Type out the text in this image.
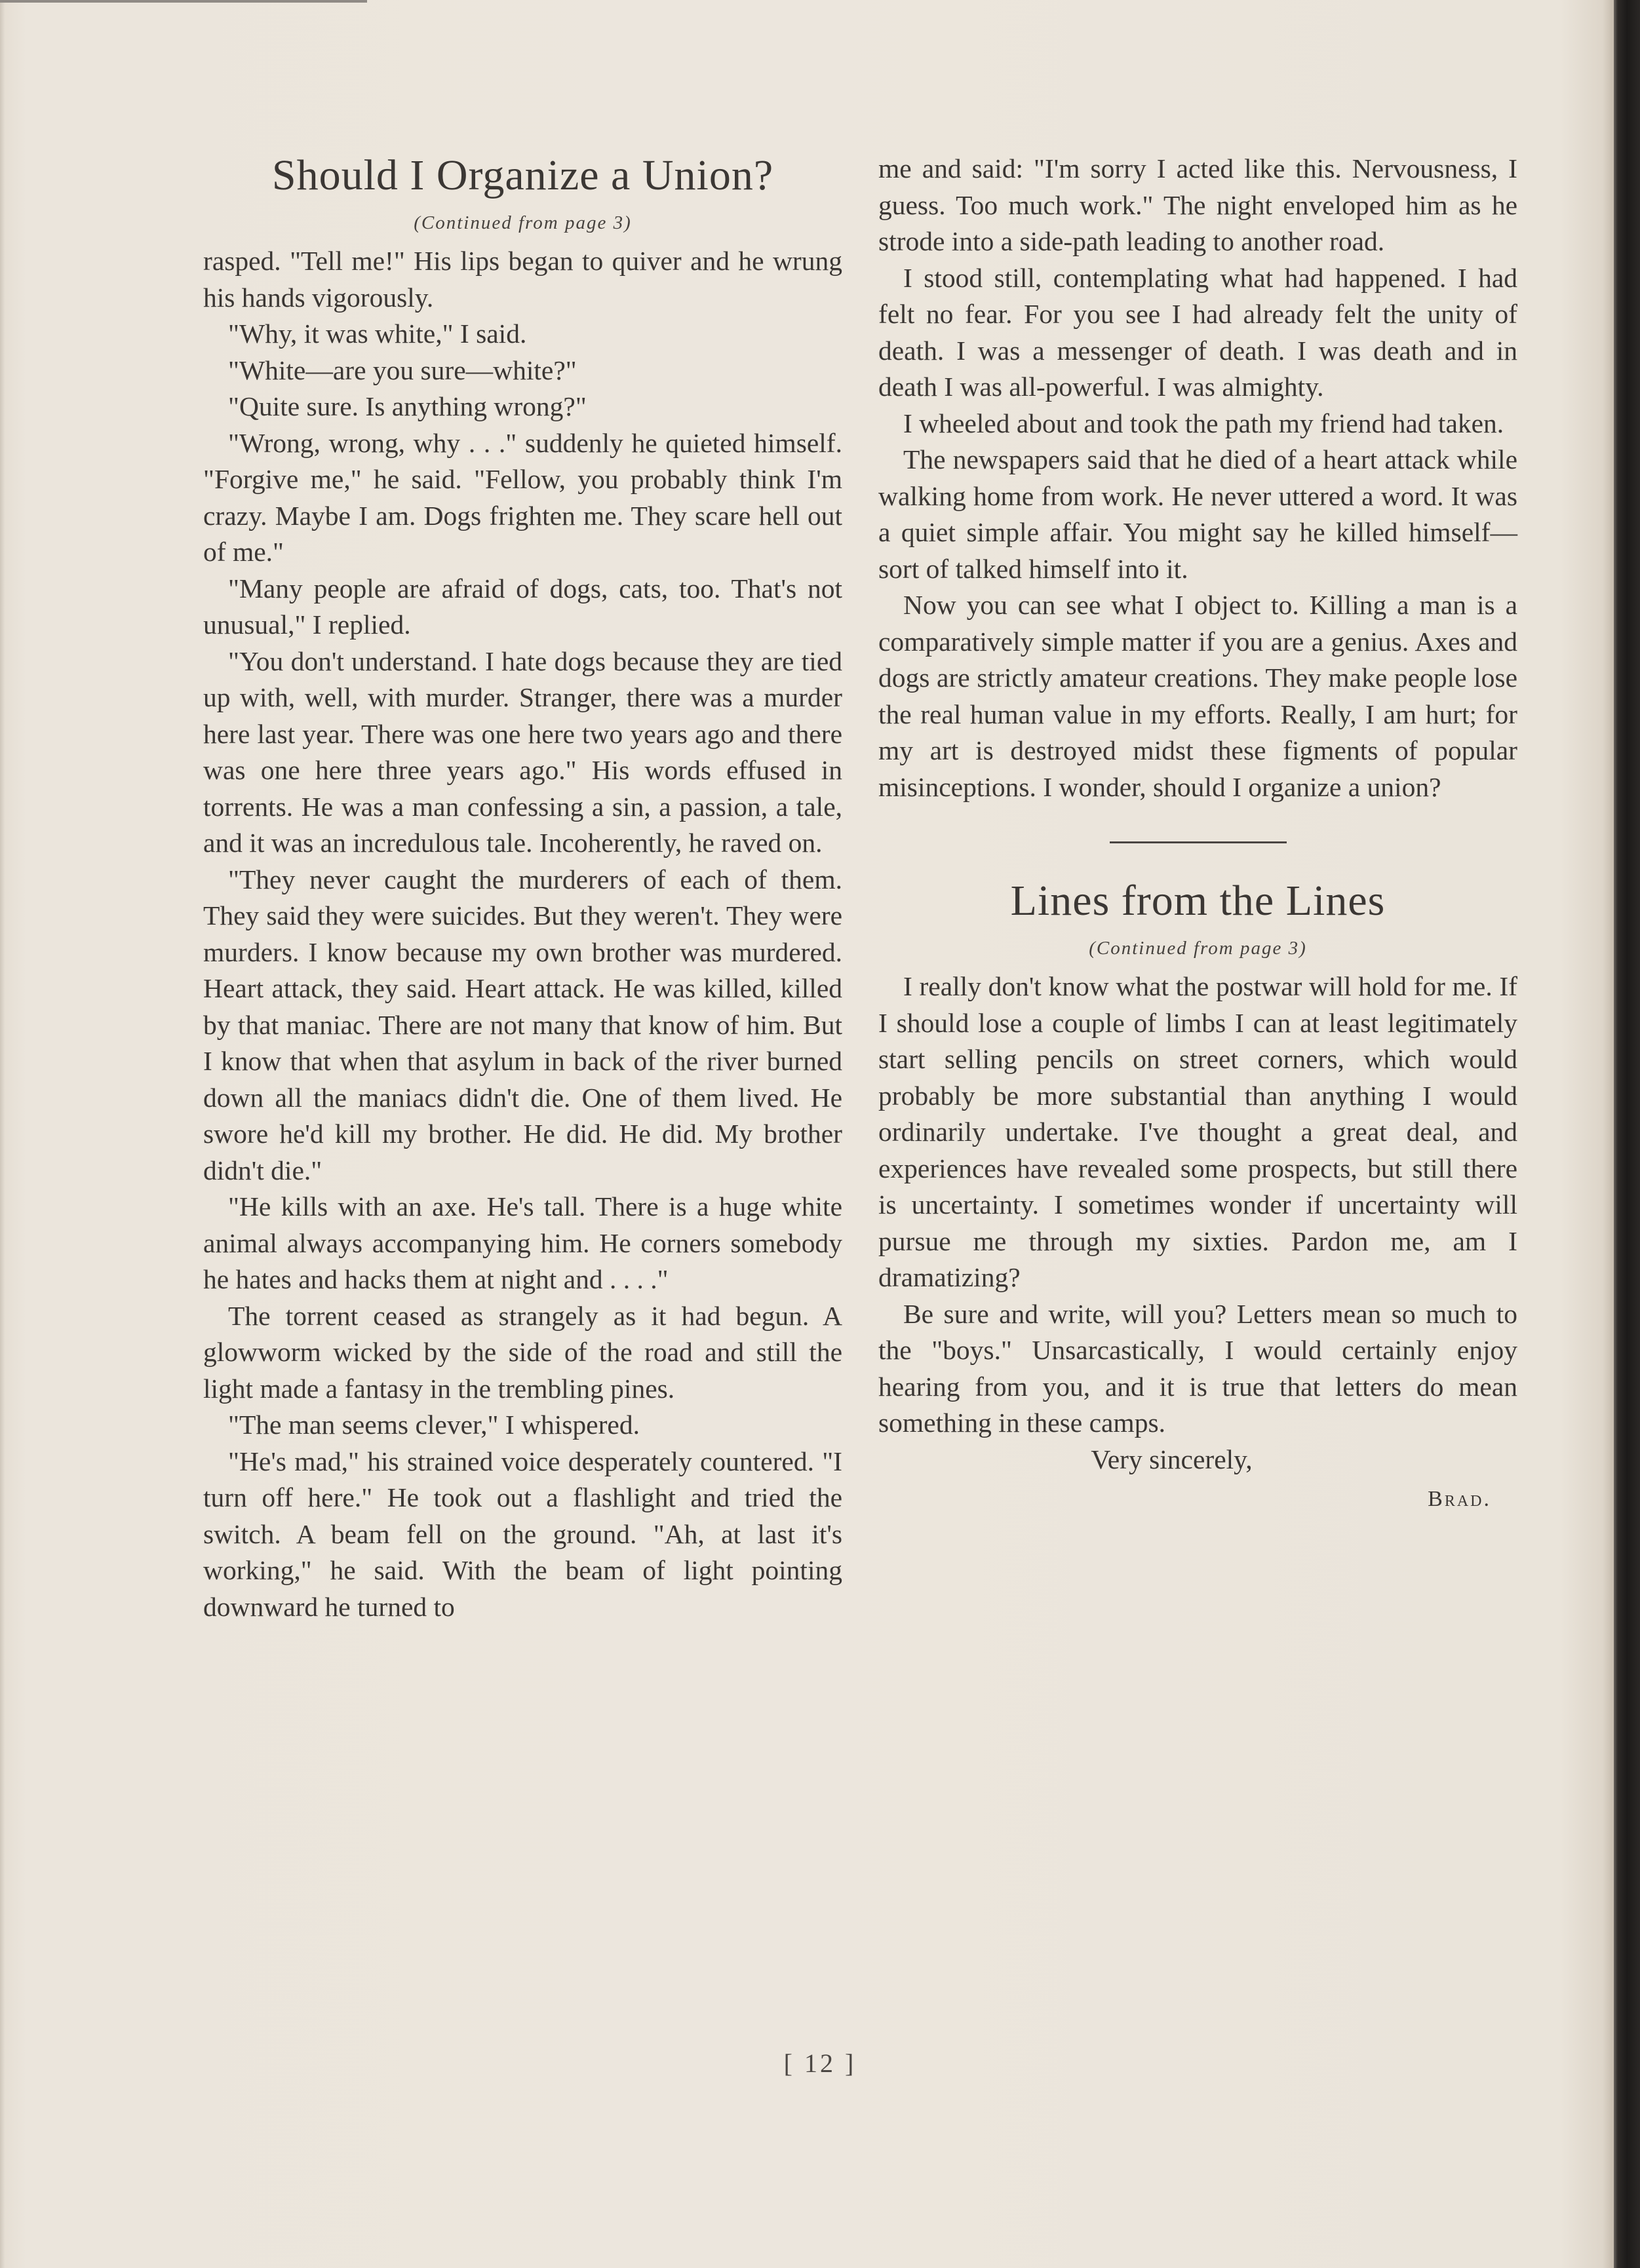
Should I Organize a Union?
(Continued from page 3)

rasped. "Tell me!" His lips began to quiver and he wrung his hands vigorously.

"Why, it was white," I said.

"White—are you sure—white?"

"Quite sure. Is anything wrong?"

"Wrong, wrong, why . . ." suddenly he quieted himself. "Forgive me," he said. "Fellow, you probably think I'm crazy. Maybe I am. Dogs frighten me. They scare hell out of me."

"Many people are afraid of dogs, cats, too. That's not unusual," I replied.

"You don't understand. I hate dogs because they are tied up with, well, with murder. Stranger, there was a murder here last year. There was one here two years ago and there was one here three years ago." His words effused in torrents. He was a man confessing a sin, a passion, a tale, and it was an incredulous tale. Incoherently, he raved on.

"They never caught the murderers of each of them. They said they were suicides. But they weren't. They were murders. I know because my own brother was murdered. Heart attack, they said. Heart attack. He was killed, killed by that maniac. There are not many that know of him. But I know that when that asylum in back of the river burned down all the maniacs didn't die. One of them lived. He swore he'd kill my brother. He did. He did. My brother didn't die."

"He kills with an axe. He's tall. There is a huge white animal always accompanying him. He corners somebody he hates and hacks them at night and . . . ."

The torrent ceased as strangely as it had begun. A glowworm wicked by the side of the road and still the light made a fantasy in the trembling pines.

"The man seems clever," I whispered.

"He's mad," his strained voice desperately countered. "I turn off here." He took out a flashlight and tried the switch. A beam fell on the ground. "Ah, at last it's working," he said. With the beam of light pointing downward he turned to

me and said: "I'm sorry I acted like this. Nervousness, I guess. Too much work." The night enveloped him as he strode into a side-path leading to another road.

I stood still, contemplating what had happened. I had felt no fear. For you see I had already felt the unity of death. I was a messenger of death. I was death and in death I was all-powerful. I was almighty.

I wheeled about and took the path my friend had taken.

The newspapers said that he died of a heart attack while walking home from work. He never uttered a word. It was a quiet simple affair. You might say he killed himself—sort of talked himself into it.

Now you can see what I object to. Killing a man is a comparatively simple matter if you are a genius. Axes and dogs are strictly amateur creations. They make people lose the real human value in my efforts. Really, I am hurt; for my art is destroyed midst these figments of popular misinceptions. I wonder, should I organize a union?

Lines from the Lines
(Continued from page 3)

I really don't know what the postwar will hold for me. If I should lose a couple of limbs I can at least legitimately start selling pencils on street corners, which would probably be more substantial than anything I would ordinarily undertake. I've thought a great deal, and experiences have revealed some prospects, but still there is uncertainty. I sometimes wonder if uncertainty will pursue me through my sixties. Pardon me, am I dramatizing?

Be sure and write, will you? Letters mean so much to the "boys." Unsarcastically, I would certainly enjoy hearing from you, and it is true that letters do mean something in these camps.

Very sincerely,

Brad.

[ 12 ]
